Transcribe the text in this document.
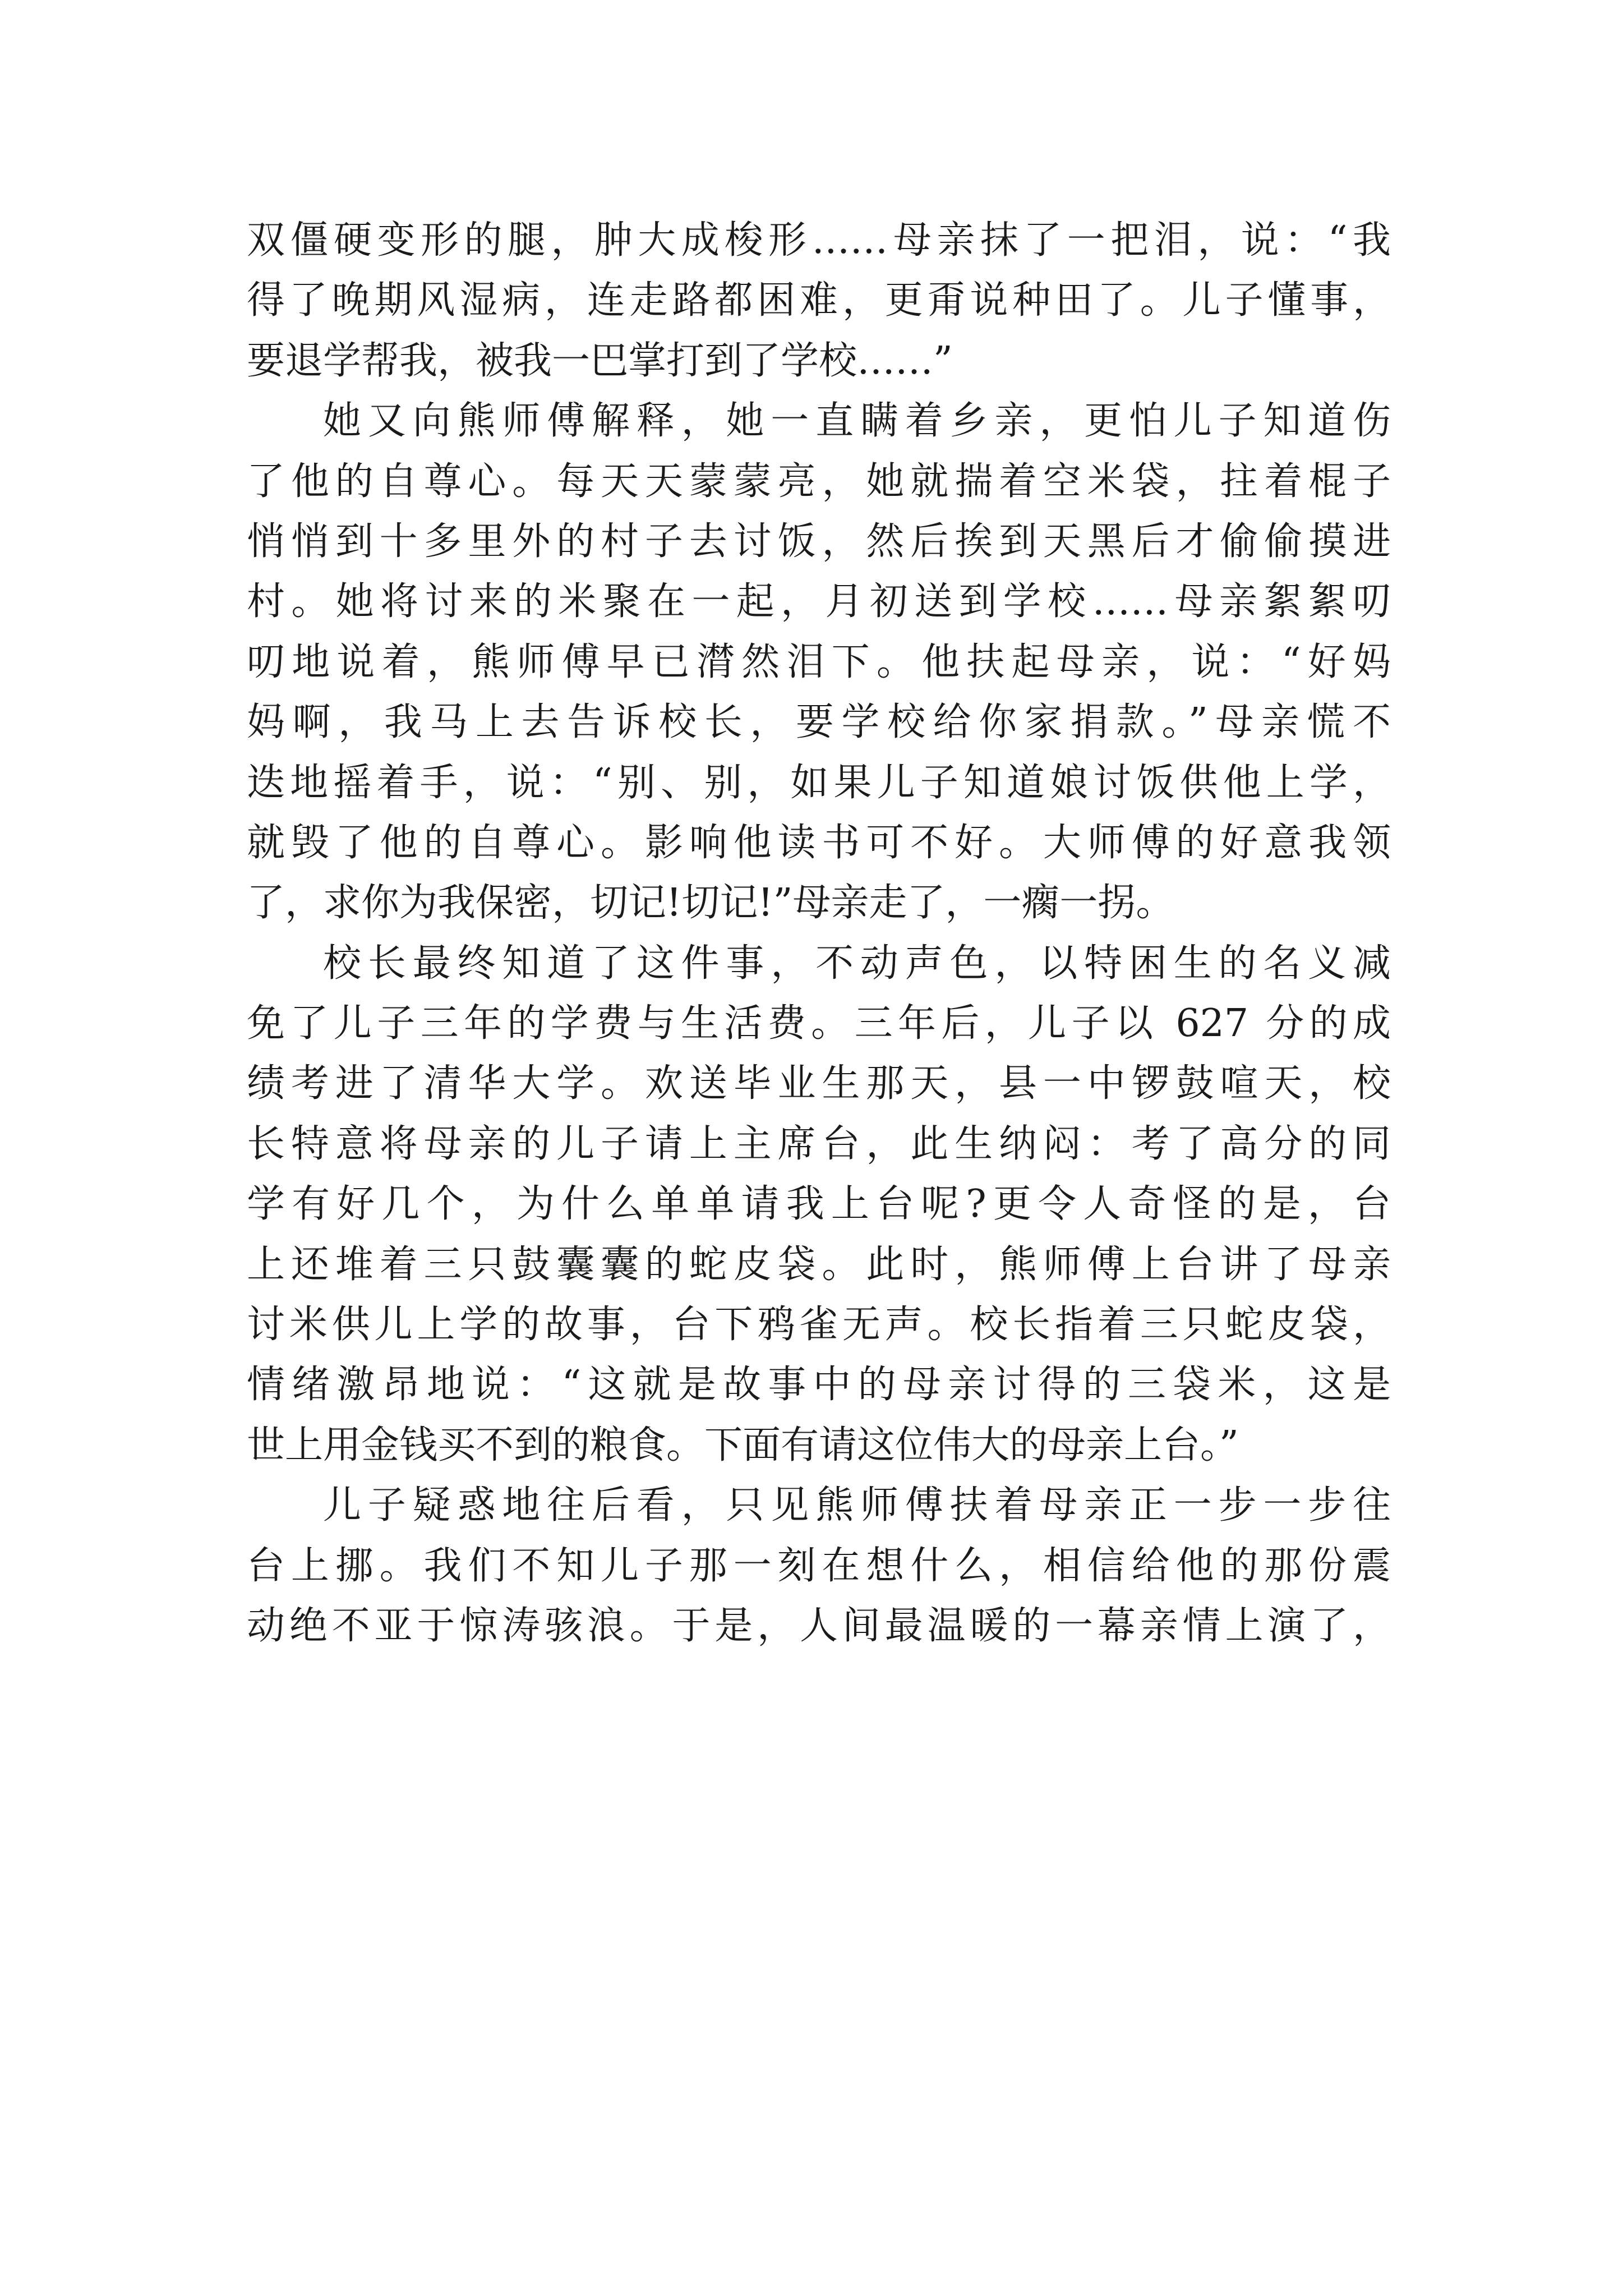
双僵硬变形的腿，肿大成梭形……母亲抹了一把泪，说：“我
得了晚期风湿病，连走路都困难，更甭说种田了。儿子懂事，
要退学帮我，被我一巴掌打到了学校……”
她又向熊师傅解释，她一直瞒着乡亲，更怕儿子知道伤
了他的自尊心。每天天蒙蒙亮，她就揣着空米袋，拄着棍子
悄悄到十多里外的村子去讨饭，然后挨到天黑后才偷偷摸进
村。她将讨来的米聚在一起，月初送到学校……母亲絮絮叨
叨地说着，熊师傅早已潸然泪下。他扶起母亲，说：“好妈
妈啊，我马上去告诉校长，要学校给你家捐款。”母亲慌不
迭地摇着手，说：“别、别，如果儿子知道娘讨饭供他上学，
就毁了他的自尊心。影响他读书可不好。大师傅的好意我领
了，求你为我保密，切记!切记!”母亲走了，一瘸一拐。
校长最终知道了这件事，不动声色，以特困生的名义减
免了儿子三年的学费与生活费。三年后，儿子以 627 分的成
绩考进了清华大学。欢送毕业生那天，县一中锣鼓喧天，校
长特意将母亲的儿子请上主席台，此生纳闷：考了高分的同
学有好几个，为什么单单请我上台呢?更令人奇怪的是，台
上还堆着三只鼓囊囊的蛇皮袋。此时，熊师傅上台讲了母亲
讨米供儿上学的故事，台下鸦雀无声。校长指着三只蛇皮袋，
情绪激昂地说：“这就是故事中的母亲讨得的三袋米，这是
世上用金钱买不到的粮食。下面有请这位伟大的母亲上台。”
儿子疑惑地往后看，只见熊师傅扶着母亲正一步一步往
台上挪。我们不知儿子那一刻在想什么，相信给他的那份震
动绝不亚于惊涛骇浪。于是，人间最温暖的一幕亲情上演了，
